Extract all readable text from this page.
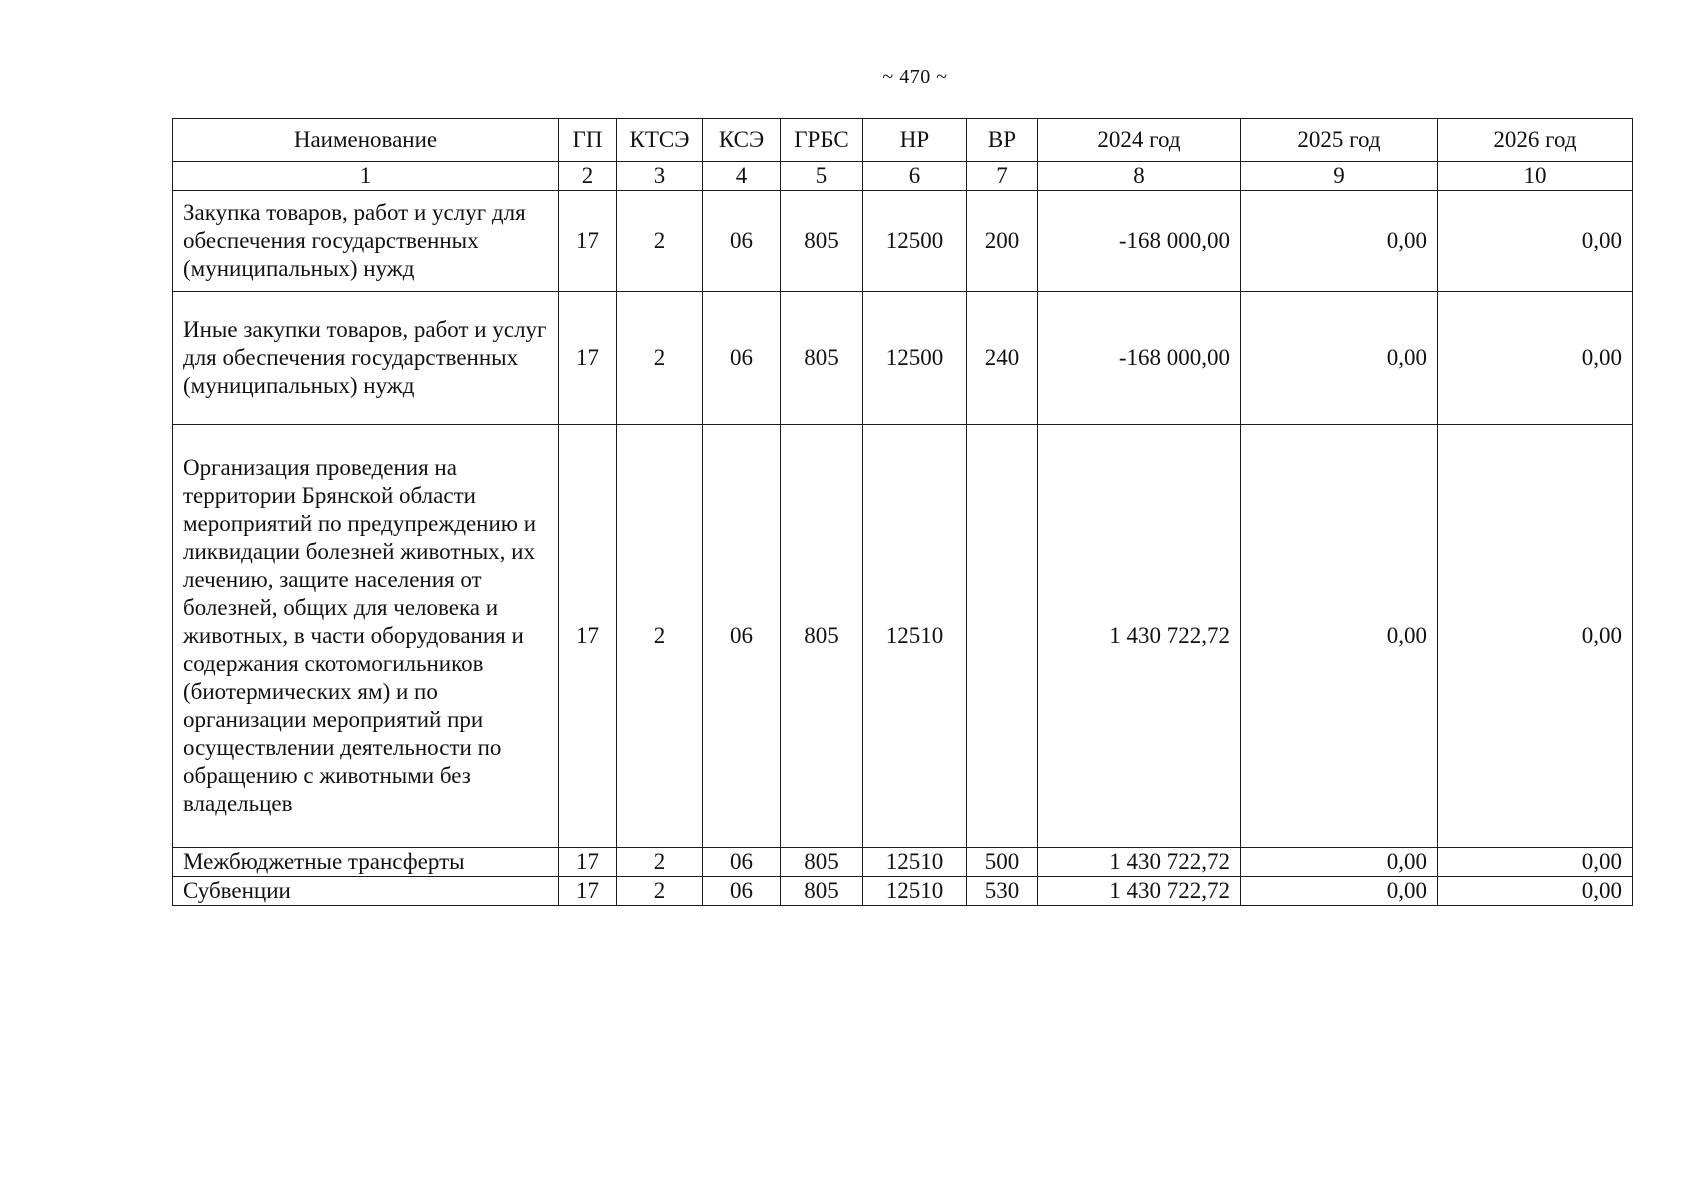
~ 470 ~
Наименование	ГП	КТСЭ	КСЭ	ГРБС	НР	ВР	2024 год	2025 год	2026 год
1	2	3	4	5	6	7	8	9	10
Закупка товаров, работ и услуг для обеспечения государственных (муниципальных) нужд	17	2	06	805	12500	200	-168 000,00	0,00	0,00
Иные закупки товаров, работ и услуг для обеспечения государственных (муниципальных) нужд	17	2	06	805	12500	240	-168 000,00	0,00	0,00
Организация проведения на территории Брянской области мероприятий по предупреждению и ликвидации болезней животных, их лечению, защите населения от болезней, общих для человека и животных, в части оборудования и содержания скотомогильников (биотермических ям) и по организации мероприятий при осуществлении деятельности по обращению с животными без владельцев	17	2	06	805	12510		1 430 722,72	0,00	0,00
Межбюджетные трансферты	17	2	06	805	12510	500	1 430 722,72	0,00	0,00
Субвенции	17	2	06	805	12510	530	1 430 722,72	0,00	0,00
